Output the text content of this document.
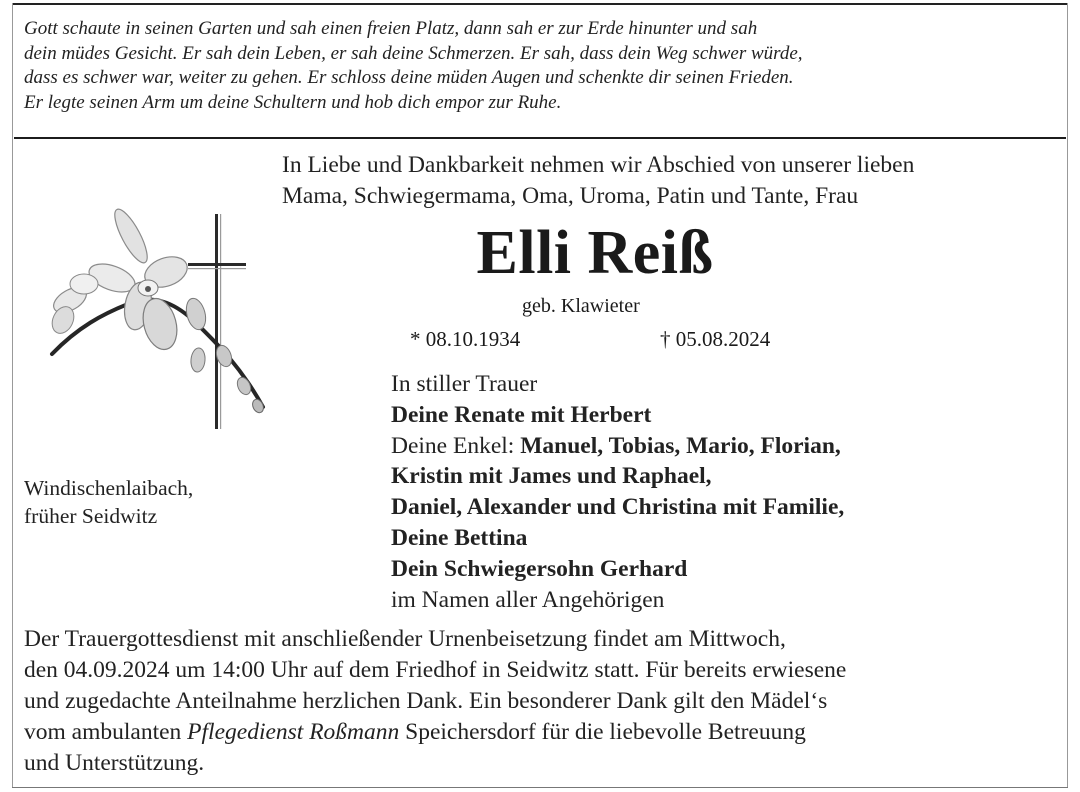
Gott schaute in seinen Garten und sah einen freien Platz, dann sah er zur Erde hinunter und sah
dein müdes Gesicht. Er sah dein Leben, er sah deine Schmerzen. Er sah, dass dein Weg schwer würde,
dass es schwer war, weiter zu gehen. Er schloss deine müden Augen und schenkte dir seinen Frieden.
Er legte seinen Arm um deine Schultern und hob dich empor zur Ruhe.
In Liebe und Dankbarkeit nehmen wir Abschied von unserer lieben
Mama, Schwiegermama, Oma, Uroma, Patin und Tante, Frau
Elli Reiß
geb. Klawieter
* 08.10.1934	† 05.08.2024
Windischenlaibach,
früher Seidwitz
In stiller Trauer
Deine Renate mit Herbert
Deine Enkel: Manuel, Tobias, Mario, Florian,
Kristin mit James und Raphael,
Daniel, Alexander und Christina mit Familie,
Deine Bettina
Dein Schwiegersohn Gerhard
im Namen aller Angehörigen
Der Trauergottesdienst mit anschließender Urnenbeisetzung findet am Mittwoch,
den 04.09.2024 um 14:00 Uhr auf dem Friedhof in Seidwitz statt. Für bereits erwiesene
und zugedachte Anteilnahme herzlichen Dank. Ein besonderer Dank gilt den Mädel‘s
vom ambulanten Pflegedienst Roßmann Speichersdorf für die liebevolle Betreuung
und Unterstützung.
